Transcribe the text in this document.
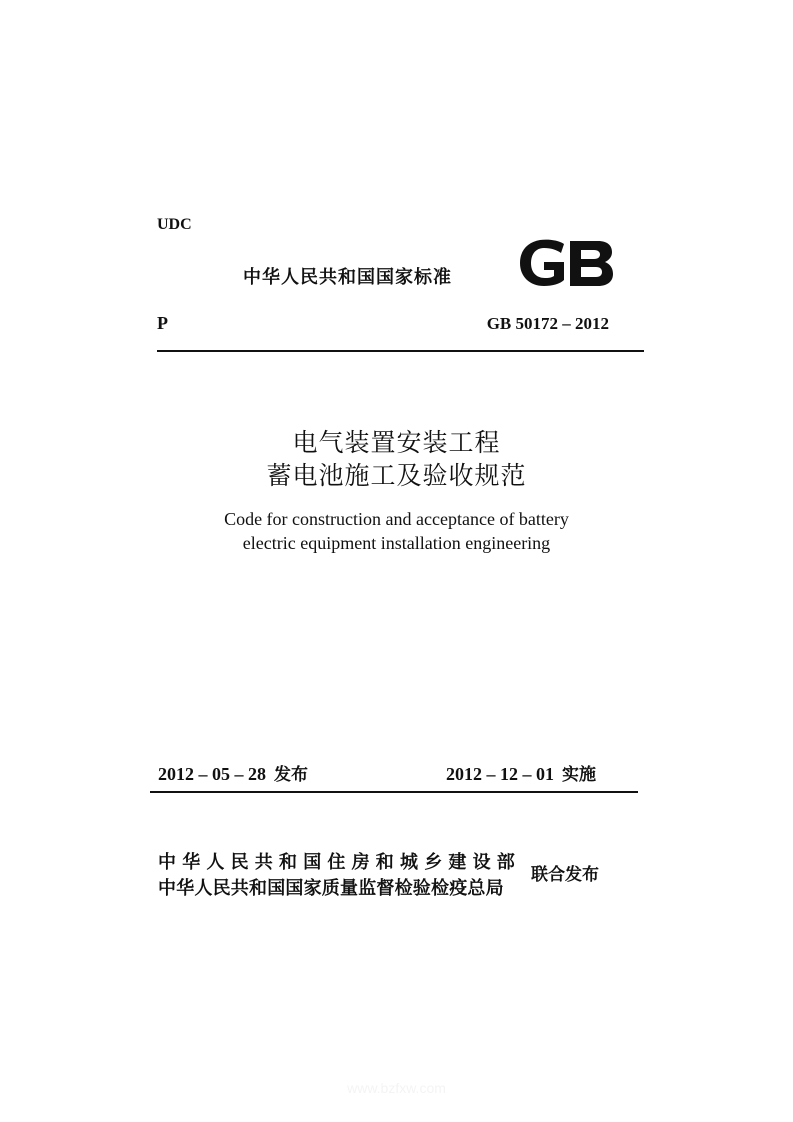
UDC
中华人民共和国国家标准
P	GB 50172 – 2012
电气装置安装工程
蓄电池施工及验收规范
Code for construction and acceptance of battery
electric equipment installation engineering
2012 – 05 – 28 发布	2012 – 12 – 01 实施
中华人民共和国住房和城乡建设部
中华人民共和国国家质量监督检验检疫总局
联合发布
www.bzfxw.com
